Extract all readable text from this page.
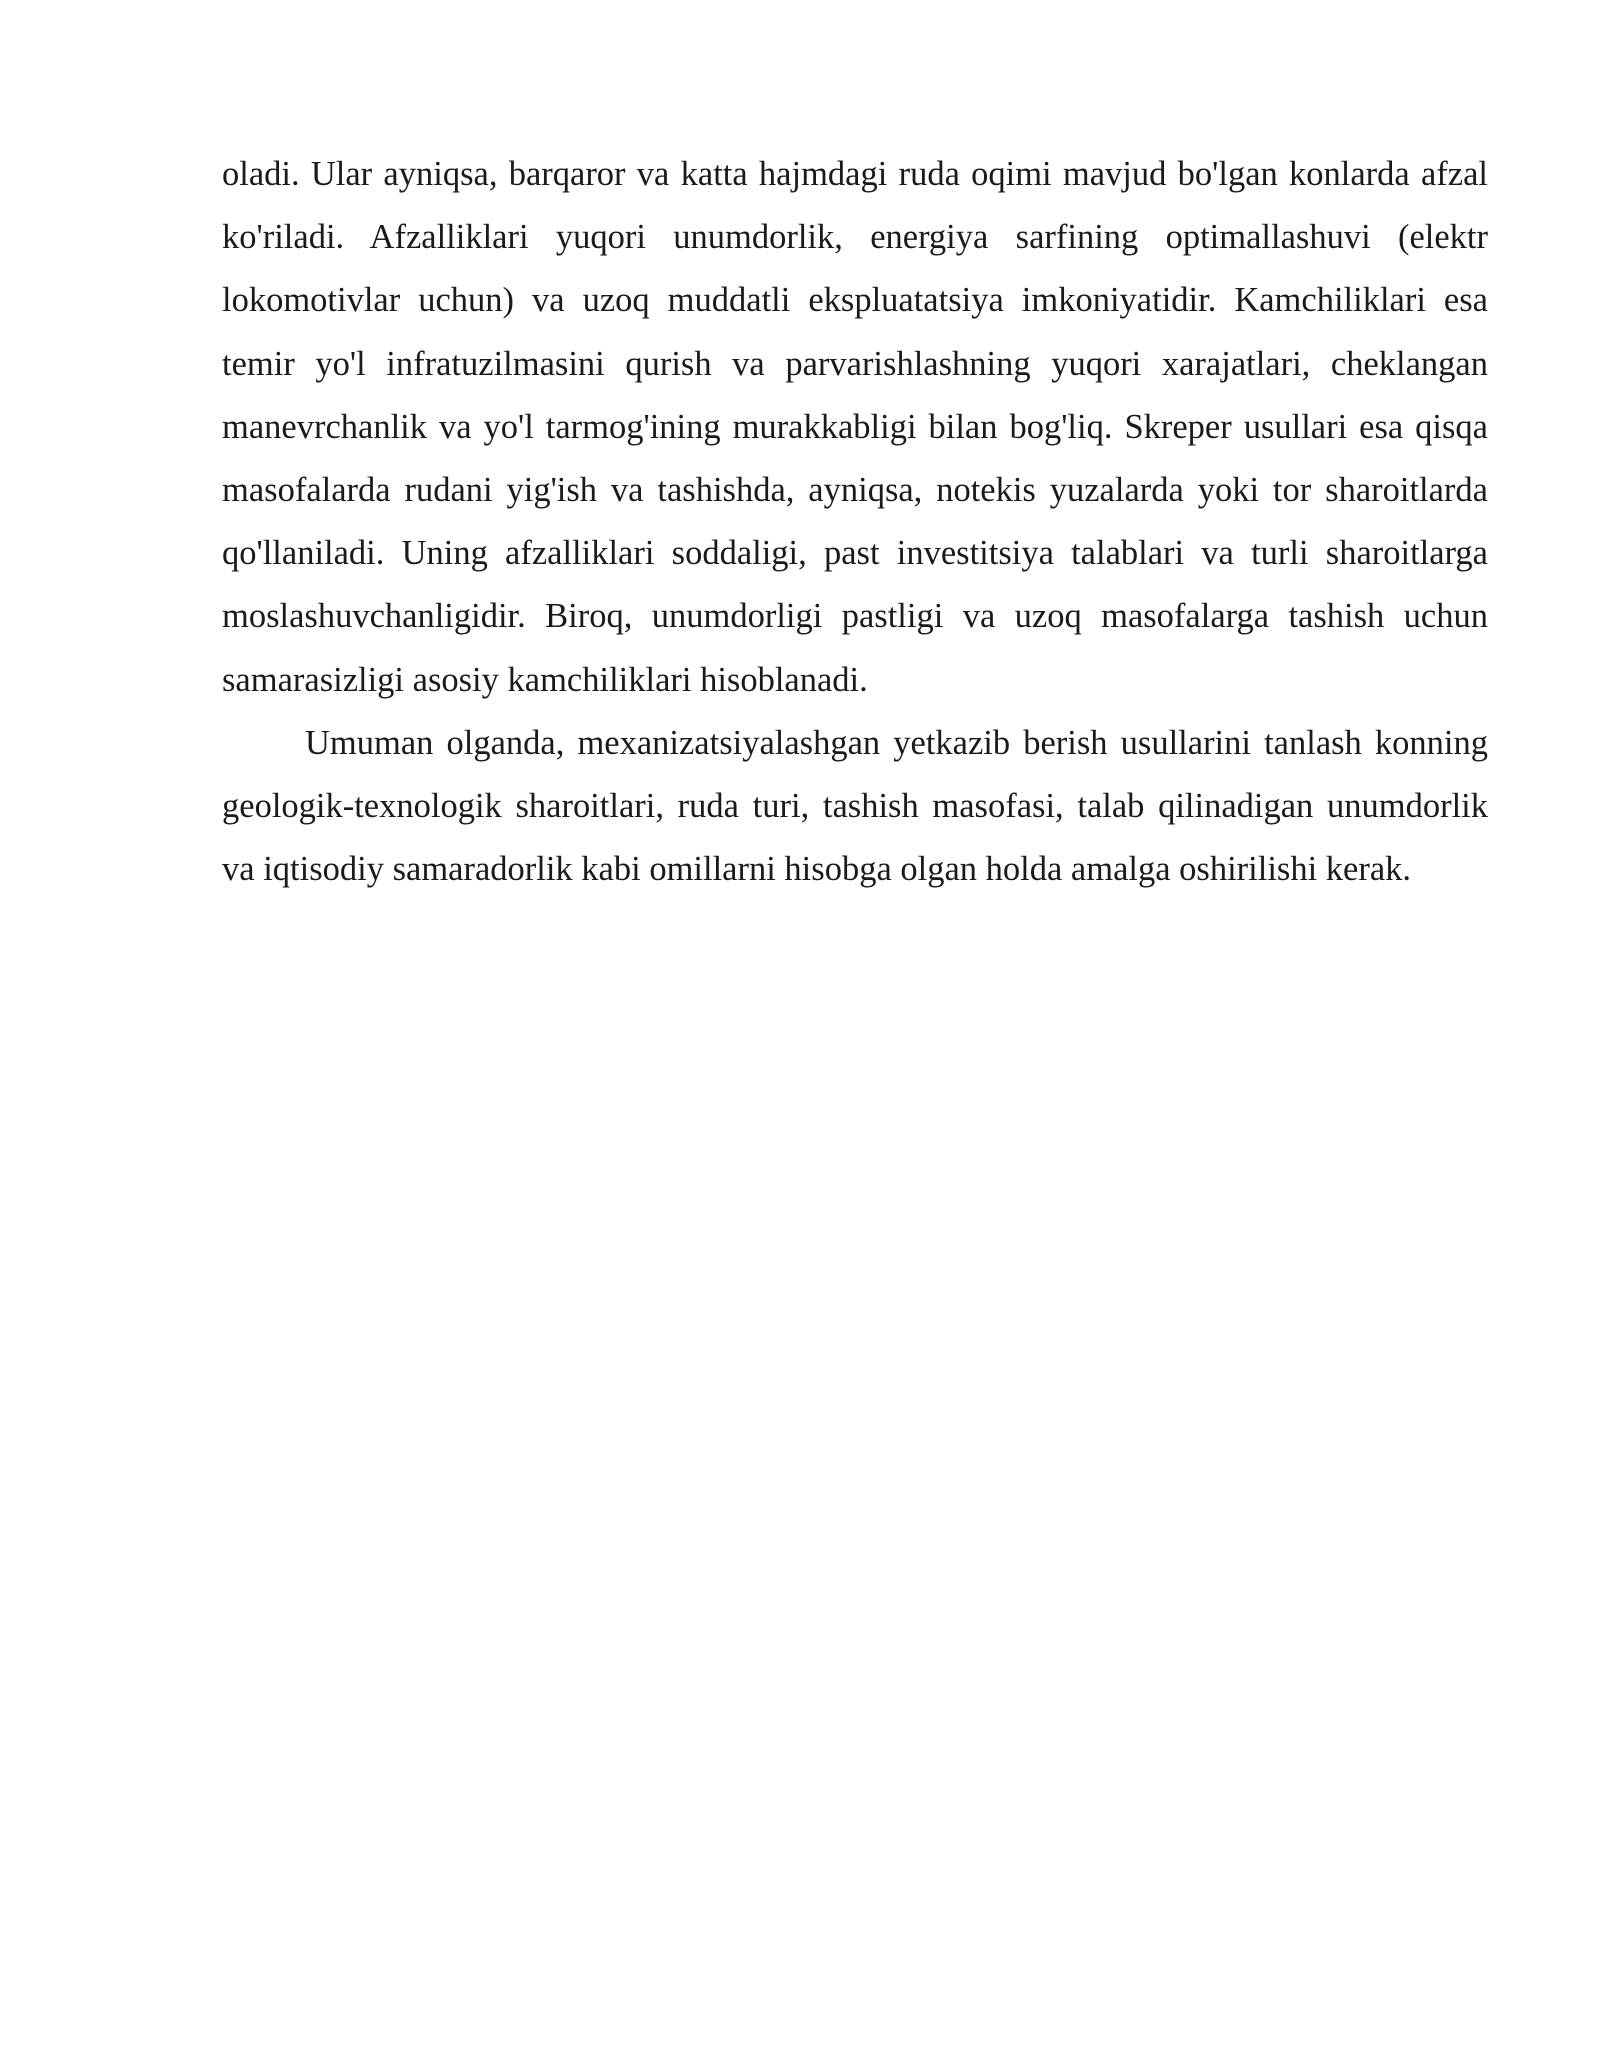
oladi. Ular ayniqsa, barqaror va katta hajmdagi ruda oqimi mavjud bo'lgan konlarda afzal ko'riladi. Afzalliklari yuqori unumdorlik, energiya sarfining optimallashuvi (elektr lokomotivlar uchun) va uzoq muddatli ekspluatatsiya imkoniyatidir. Kamchiliklari esa temir yo'l infratuzilmasini qurish va parvarishlashning yuqori xarajatlari, cheklangan manevrchanlik va yo'l tarmog'ining murakkabligi bilan bog'liq. Skreper usullari esa qisqa masofalarda rudani yig'ish va tashishda, ayniqsa, notekis yuzalarda yoki tor sharoitlarda qo'llaniladi. Uning afzalliklari soddaligi, past investitsiya talablari va turli sharoitlarga moslashuvchanligidir. Biroq, unumdorligi pastligi va uzoq masofalarga tashish uchun samarasizligi asosiy kamchiliklari hisoblanadi.

Umuman olganda, mexanizatsiyalashgan yetkazib berish usullarini tanlash konning geologik-texnologik sharoitlari, ruda turi, tashish masofasi, talab qilinadigan unumdorlik va iqtisodiy samaradorlik kabi omillarni hisobga olgan holda amalga oshirilishi kerak.
